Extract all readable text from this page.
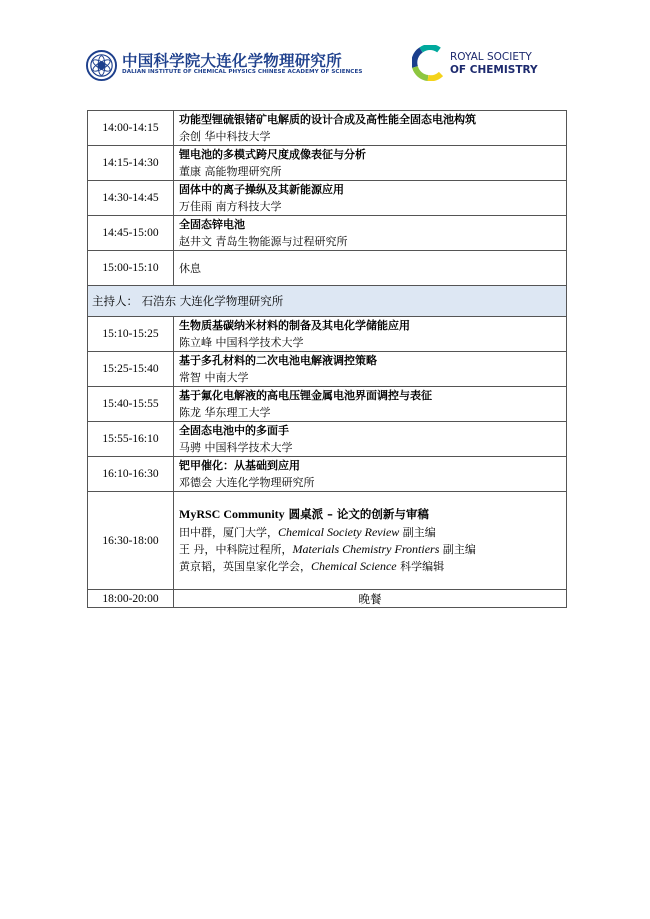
中国科学院大连化学物理研究所
DALIAN INSTITUTE OF CHEMICAL PHYSICS CHINESE ACADEMY OF SCIENCES
ROYAL SOCIETY
OF CHEMISTRY
14:00-14:15	功能型锂硫银锗矿电解质的设计合成及高性能全固态电池构筑
余创 华中科技大学

14:15-14:30	锂电池的多模式跨尺度成像表征与分析
董康 高能物理研究所

14:30-14:45	固体中的离子操纵及其新能源应用
万佳雨 南方科技大学

14:45-15:00	全固态锌电池
赵井文 青岛生物能源与过程研究所

15:00-15:10	休息

主持人： 石浩东 大连化学物理研究所	
15:10-15:25	生物质基碳纳米材料的制备及其电化学储能应用
陈立峰 中国科学技术大学

15:25-15:40	基于多孔材料的二次电池电解液调控策略
常智 中南大学

15:40-15:55	基于氟化电解液的高电压锂金属电池界面调控与表征
陈龙 华东理工大学

15:55-16:10	全固态电池中的多面手
马骋 中国科学技术大学

16:10-16:30	钯甲催化：从基础到应用
邓德会 大连化学物理研究所

16:30-18:00	MyRSC Community 圆桌派 – 论文的创新与审稿
田中群，厦门大学，Chemical Society Review 副主编
王 丹，中科院过程所，Materials Chemistry Frontiers 副主编
黄京韬，英国皇家化学会，Chemical Science 科学编辑

18:00-20:00	晚餐
